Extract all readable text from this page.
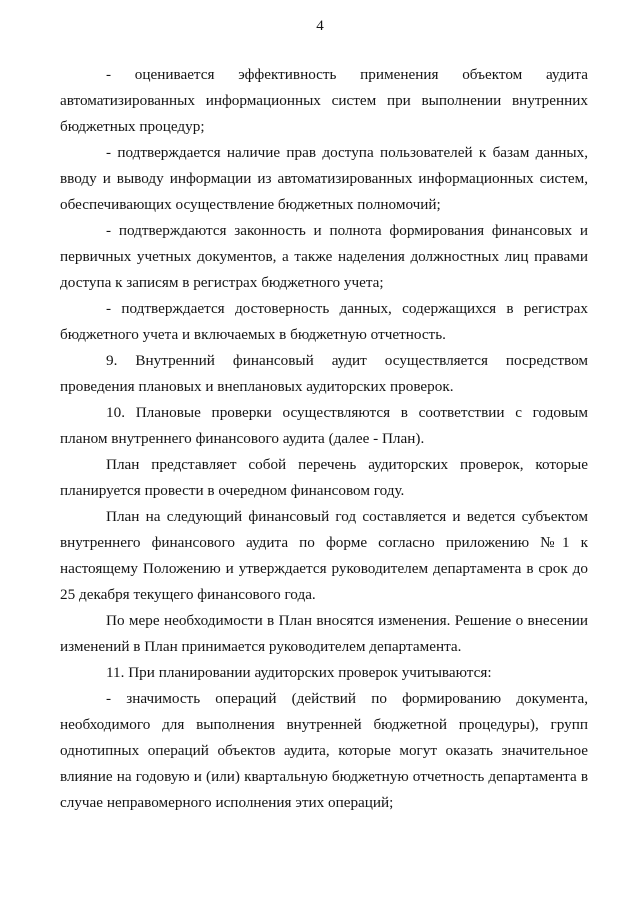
4

- оценивается эффективность применения объектом аудита автоматизированных информационных систем при выполнении внутренних бюджетных процедур;

- подтверждается наличие прав доступа пользователей к базам данных, вводу и выводу информации из автоматизированных информационных систем, обеспечивающих осуществление бюджетных полномочий;

- подтверждаются законность и полнота формирования финансовых и первичных учетных документов, а также наделения должностных лиц правами доступа к записям в регистрах бюджетного учета;

- подтверждается достоверность данных, содержащихся в регистрах бюджетного учета и включаемых в бюджетную отчетность.

9. Внутренний финансовый аудит осуществляется посредством проведения плановых и внеплановых аудиторских проверок.

10. Плановые проверки осуществляются в соответствии с годовым планом внутреннего финансового аудита (далее - План).

План представляет собой перечень аудиторских проверок, которые планируется провести в очередном финансовом году.

План на следующий финансовый год составляется и ведется субъектом внутреннего финансового аудита по форме согласно приложению №1 к настоящему Положению и утверждается руководителем департамента в срок до 25 декабря текущего финансового года.

По мере необходимости в План вносятся изменения. Решение о внесении изменений в План принимается руководителем департамента.

11. При планировании аудиторских проверок учитываются:

- значимость операций (действий по формированию документа, необходимого для выполнения внутренней бюджетной процедуры), групп однотипных операций объектов аудита, которые могут оказать значительное влияние на годовую и (или) квартальную бюджетную отчетность департамента в случае неправомерного исполнения этих операций;
